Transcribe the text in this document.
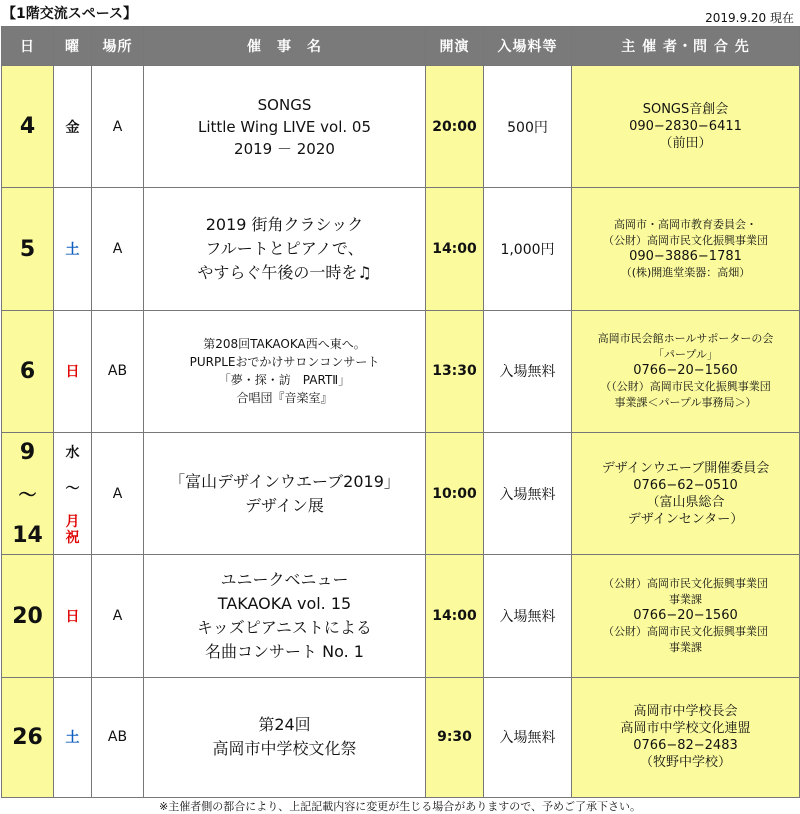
【1階交流スペース】	2019.9.20 現在
日	曜	場所	催　事　名	開演	入場料等	主 催 者・問 合 先
4	金	A	SONGS
Little Wing LIVE vol. 05
2019 － 2020	20:00	500円	SONGS音創会
090−2830−6411
（前田）

5	土	A	2019 街角クラシック
フルートとピアノで、
やすらぐ午後の一時を♫	14:00	1,000円	高岡市・高岡市教育委員会・
（公財）高岡市民文化振興事業団
090−3886−1781
（(株)開進堂楽器：高畑）

6	日	AB	第208回TAKAOKA西へ東へ。
PURPLEおでかけサロンコンサート
「夢・探・訪　PARTⅡ」
合唱団『音楽室』	13:30	入場無料	高岡市民会館ホールサポーターの会
「パープル」
0766−20−1560
（（公財）高岡市民文化振興事業団
事業課＜パープル事務局＞）

9
～
14	水
～
月
祝	A	「富山デザインウエーブ2019」
デザイン展	10:00	入場無料	デザインウエーブ開催委員会
0766−62−0510
（富山県総合
デザインセンター）

20	日	A	ユニークベニュー
TAKAOKA vol. 15
キッズピアニストによる
名曲コンサート No. 1	14:00	入場無料	（公財）高岡市民文化振興事業団
事業課
0766−20−1560
（公財）高岡市民文化振興事業団
事業課

26	土	AB	第24回
高岡市中学校文化祭	9:30	入場無料	高岡市中学校長会
高岡市中学校文化連盟
0766−82−2483
（牧野中学校）
※主催者側の都合により、上記記載内容に変更が生じる場合がありますので、予めご了承下さい。
